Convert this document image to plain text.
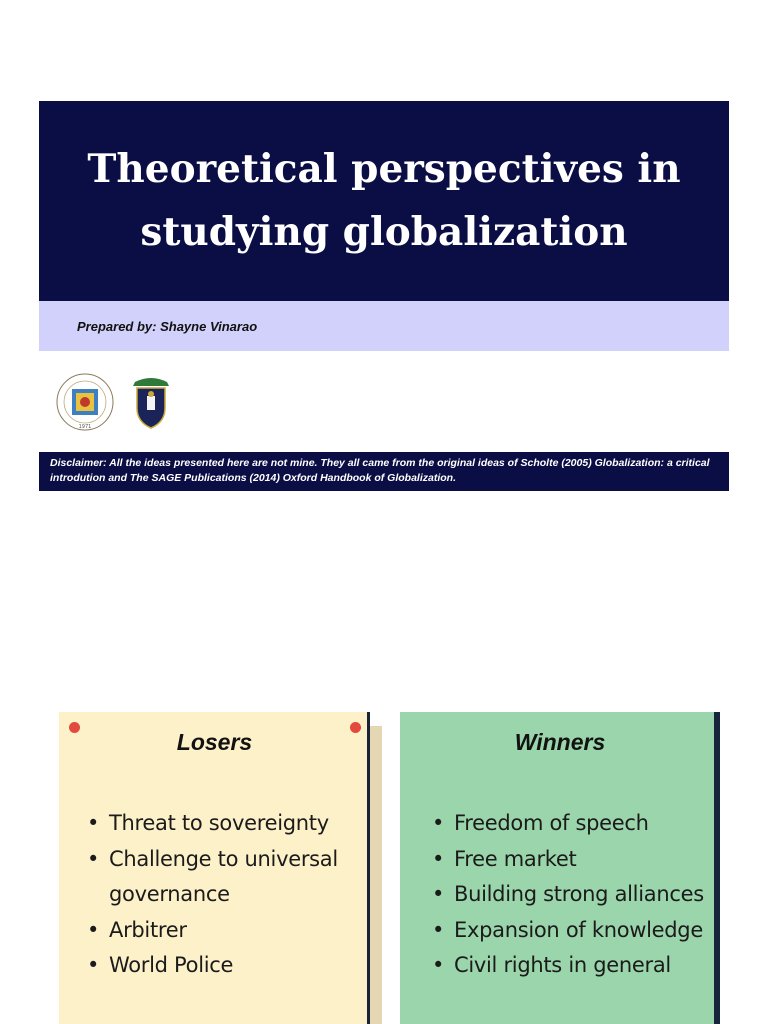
Theoretical perspectives in studying globalization
Prepared by: Shayne Vinarao
1971

Disclaimer: All the ideas presented here are not mine. They all came from the original ideas of Scholte (2005) Globalization: a critical introdution and The SAGE Publications (2014) Oxford Handbook of Globalization.

Losers
• Threat to sovereignty
• Challenge to universal governance
• Arbitrer
• World Police
Winners
• Freedom of speech
• Free market
• Building strong alliances
• Expansion of knowledge
• Civil rights in general
